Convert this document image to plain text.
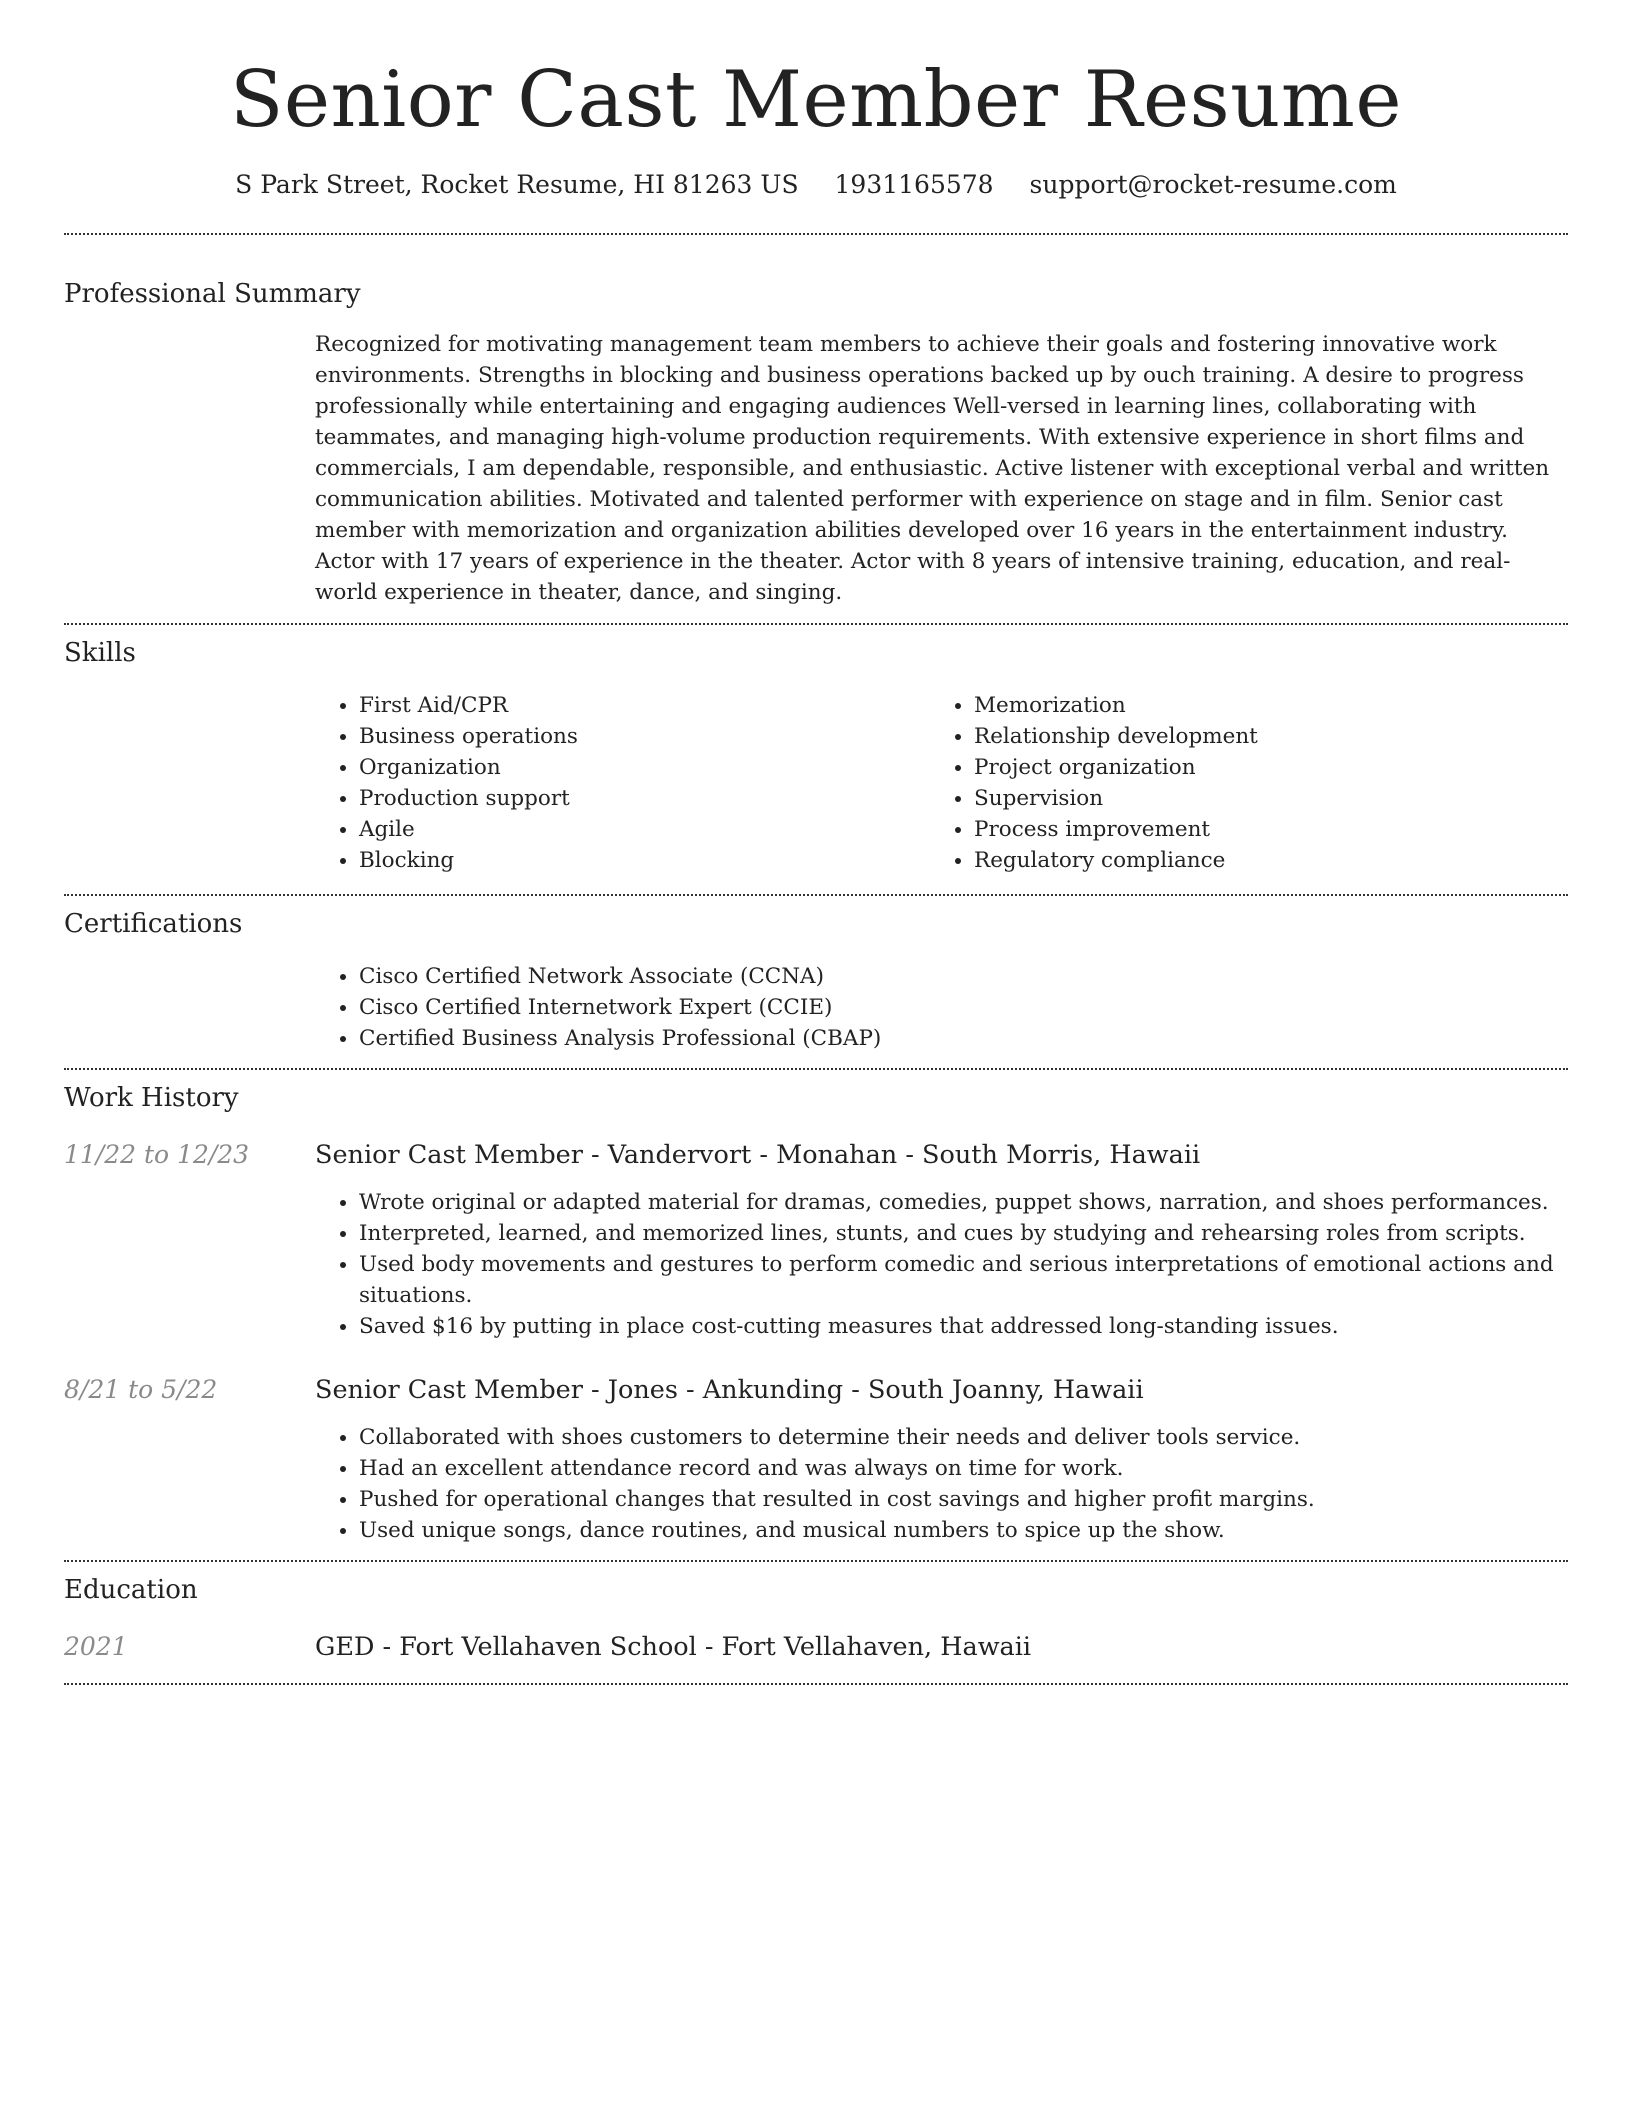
Senior Cast Member Resume
S Park Street, Rocket Resume, HI 81263 US 1931165578 support@rocket-resume.com
Professional Summary

Recognized for motivating management team members to achieve their goals and fostering innovative work environments. Strengths in blocking and business operations backed up by ouch training. A desire to progress professionally while entertaining and engaging audiences Well-versed in learning lines, collaborating with teammates, and managing high-volume production requirements. With extensive experience in short films and commercials, I am dependable, responsible, and enthusiastic. Active listener with exceptional verbal and written communication abilities. Motivated and talented performer with experience on stage and in film. Senior cast member with memorization and organization abilities developed over 16 years in the entertainment industry. Actor with 17 years of experience in the theater. Actor with 8 years of intensive training, education, and real-world experience in theater, dance, and singing.

Skills
• First Aid/CPR
• Business operations
• Organization
• Production support
• Agile
• Blocking
• Memorization
• Relationship development
• Project organization
• Supervision
• Process improvement
• Regulatory compliance
Certifications
• Cisco Certified Network Associate (CCNA)
• Cisco Certified Internetwork Expert (CCIE)
• Certified Business Analysis Professional (CBAP)
Work History
11/22 to 12/23	Senior Cast Member - Vandervort - Monahan - South Morris, Hawaii
• Wrote original or adapted material for dramas, comedies, puppet shows, narration, and shoes performances.
• Interpreted, learned, and memorized lines, stunts, and cues by studying and rehearsing roles from scripts.
• Used body movements and gestures to perform comedic and serious interpretations of emotional actions and situations.
• Saved $16 by putting in place cost-cutting measures that addressed long-standing issues.
8/21 to 5/22	Senior Cast Member - Jones - Ankunding - South Joanny, Hawaii
• Collaborated with shoes customers to determine their needs and deliver tools service.
• Had an excellent attendance record and was always on time for work.
• Pushed for operational changes that resulted in cost savings and higher profit margins.
• Used unique songs, dance routines, and musical numbers to spice up the show.
Education
2021	GED - Fort Vellahaven School - Fort Vellahaven, Hawaii
